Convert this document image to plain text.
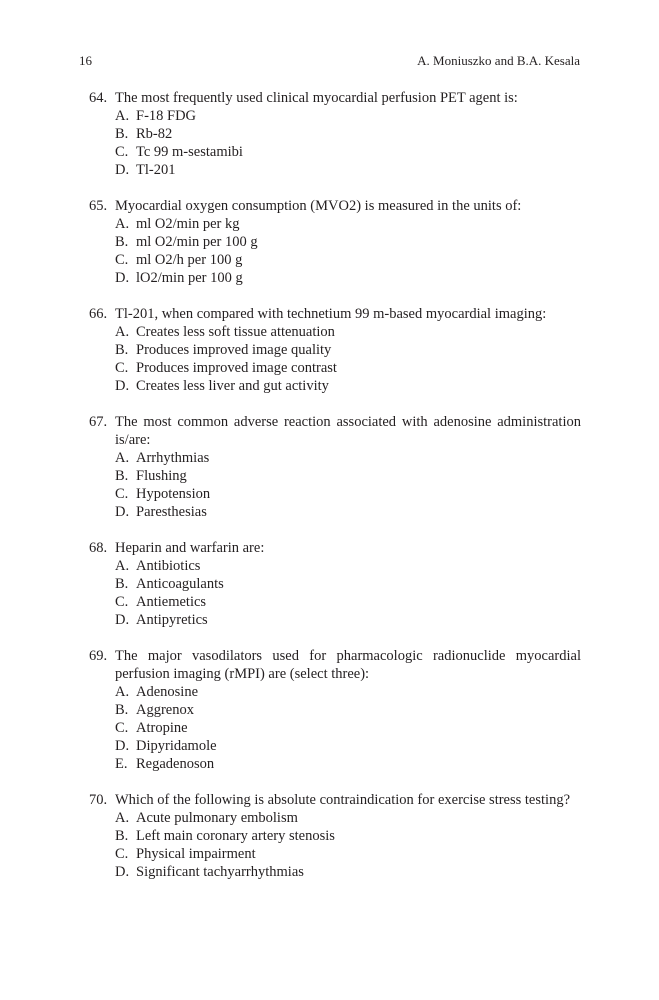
16	A. Moniuszko and B.A. Kesala
64. The most frequently used clinical myocardial perfusion PET agent is:
A. F-18 FDG
B. Rb-82
C. Tc 99 m-sestamibi
D. Tl-201
65. Myocardial oxygen consumption (MVO2) is measured in the units of:
A. ml O2/min per kg
B. ml O2/min per 100 g
C. ml O2/h per 100 g
D. lO2/min per 100 g
66. Tl-201, when compared with technetium 99 m-based myocardial imaging:
A. Creates less soft tissue attenuation
B. Produces improved image quality
C. Produces improved image contrast
D. Creates less liver and gut activity
67. The most common adverse reaction associated with adenosine administration is/are:
A. Arrhythmias
B. Flushing
C. Hypotension
D. Paresthesias
68. Heparin and warfarin are:
A. Antibiotics
B. Anticoagulants
C. Antiemetics
D. Antipyretics
69. The major vasodilators used for pharmacologic radionuclide myocardial perfusion imaging (rMPI) are (select three):
A. Adenosine
B. Aggrenox
C. Atropine
D. Dipyridamole
E. Regadenoson
70. Which of the following is absolute contraindication for exercise stress testing?
A. Acute pulmonary embolism
B. Left main coronary artery stenosis
C. Physical impairment
D. Significant tachyarrhythmias
